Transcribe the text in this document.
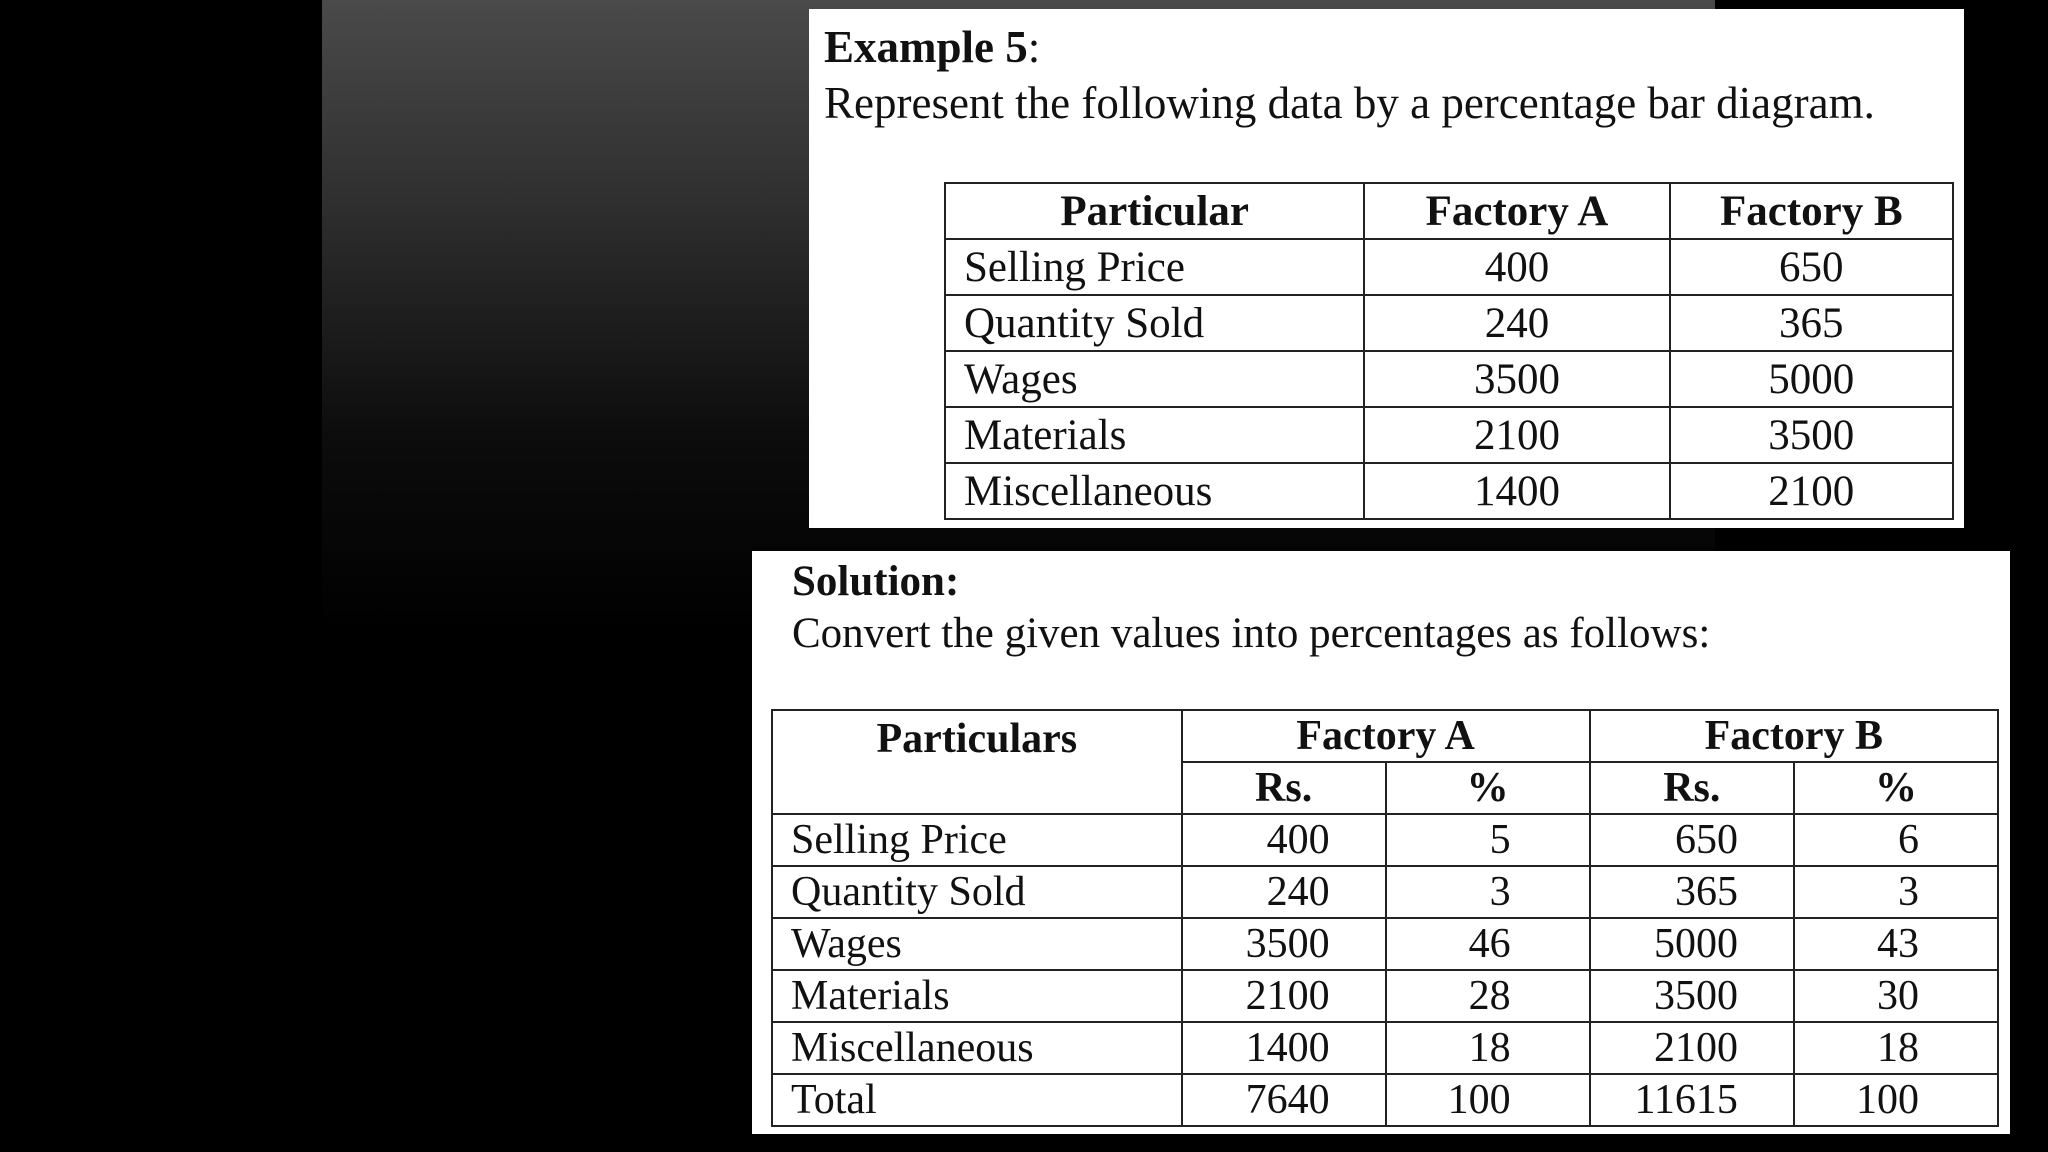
Example 5:
Represent the following data by a percentage bar diagram.
Particular	Factory A	Factory B
Selling Price	400	650
Quantity Sold	240	365
Wages	3500	5000
Materials	2100	3500
Miscellaneous	1400	2100
Solution:
Convert the given values into percentages as follows:
Particulars	Factory A		Factory B	
	Rs.	%	Rs.	%
Selling Price	400	5	650	6
Quantity Sold	240	3	365	3
Wages	3500	46	5000	43
Materials	2100	28	3500	30
Miscellaneous	1400	18	2100	18
Total	7640	100	11615	100
